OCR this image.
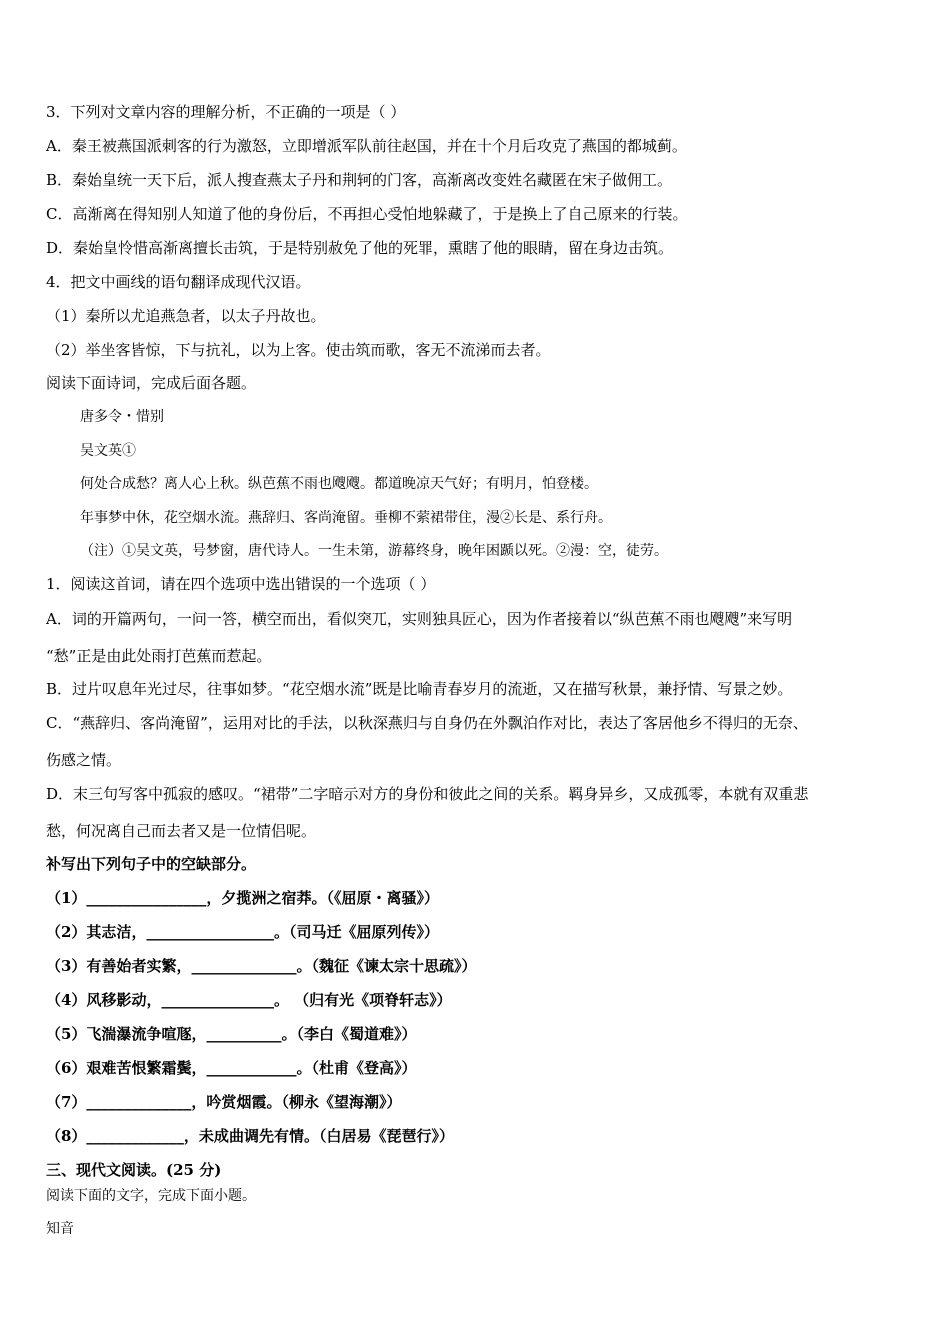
3．下列对文章内容的理解分析，不正确的一项是（ ）
A．秦王被燕国派刺客的行为激怒，立即增派军队前往赵国，并在十个月后攻克了燕国的都城蓟。
B．秦始皇统一天下后，派人搜查燕太子丹和荆轲的门客，高渐离改变姓名藏匿在宋子做佣工。
C．高渐离在得知别人知道了他的身份后，不再担心受怕地躲藏了，于是换上了自己原来的行装。
D．秦始皇怜惜高渐离擅长击筑，于是特别赦免了他的死罪，熏瞎了他的眼睛，留在身边击筑。
4．把文中画线的语句翻译成现代汉语。
（1）秦所以尤追燕急者，以太子丹故也。
（2）举坐客皆惊，下与抗礼，以为上客。使击筑而歌，客无不流涕而去者。
阅读下面诗词，完成后面各题。
唐多令・惜别
吴文英①
何处合成愁？离人心上秋。纵芭蕉不雨也飕飕。都道晚凉天气好；有明月，怕登楼。
年事梦中休，花空烟水流。燕辞归、客尚淹留。垂柳不萦裙带住，漫②长是、系行舟。
（注）①吴文英，号梦窗，唐代诗人。一生未第，游幕终身，晚年困踬以死。②漫：空，徒劳。
1．阅读这首词，请在四个选项中选出错误的一个选项（ ）
A．词的开篇两句，一问一答，横空而出，看似突兀，实则独具匠心，因为作者接着以“纵芭蕉不雨也飕飕”来写明
“愁”正是由此处雨打芭蕉而惹起。
B．过片叹息年光过尽，往事如梦。“花空烟水流”既是比喻青春岁月的流逝，又在描写秋景，兼抒情、写景之妙。
C．“燕辞归、客尚淹留”，运用对比的手法，以秋深燕归与自身仍在外飘泊作对比，表达了客居他乡不得归的无奈、
伤感之情。
D．末三句写客中孤寂的感叹。“裙带”二字暗示对方的身份和彼此之间的关系。羁身异乡，又成孤零，本就有双重悲
愁，何况离自己而去者又是一位情侣呢。
补写出下列句子中的空缺部分。
（1）________________，夕揽洲之宿莽。（《屈原・离骚》）
（2）其志洁，_________________。（司马迁《屈原列传》）
（3）有善始者实繁，______________。（魏征《谏太宗十思疏》）
（4）风移影动，_______________。 （归有光《项脊轩志》）
（5）飞湍瀑流争喧豗，__________。（李白《蜀道难》）
（6）艰难苦恨繁霜鬓，____________。（杜甫《登高》）
（7）______________，吟赏烟霞。（柳永《望海潮》）
（8）_____________，未成曲调先有情。（白居易《琵琶行》）
三、现代文阅读。(25 分)
阅读下面的文字，完成下面小题。
知音
